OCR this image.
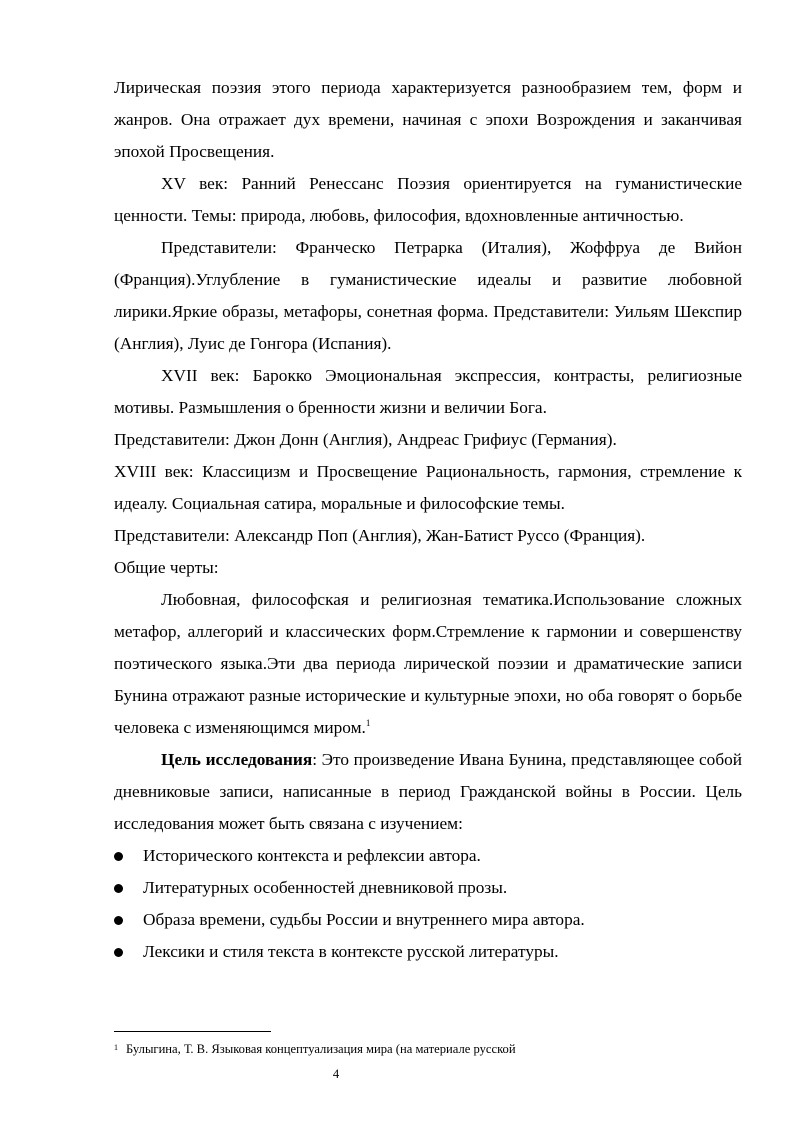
Лирическая поэзия этого периода характеризуется разнообразием тем, форм и жанров. Она отражает дух времени, начиная с эпохи Возрождения и заканчивая эпохой Просвещения.

XV век: Ранний Ренессанс Поэзия ориентируется на гуманистические ценности. Темы: природа, любовь, философия, вдохновленные античностью.

Представители: Франческо Петрарка (Италия), Жоффруа де Вийон (Франция).Углубление в гуманистические идеалы и развитие любовной лирики.Яркие образы, метафоры, сонетная форма. Представители: Уильям Шекспир (Англия), Луис де Гонгора (Испания).

XVII век: Барокко Эмоциональная экспрессия, контрасты, религиозные мотивы. Размышления о бренности жизни и величии Бога.

Представители: Джон Донн (Англия), Андреас Грифиус (Германия).

XVIII век: Классицизм и Просвещение Рациональность, гармония, стремление к идеалу. Социальная сатира, моральные и философские темы.

Представители: Александр Поп (Англия), Жан-Батист Руссо (Франция).

Общие черты:

Любовная, философская и религиозная тематика.Использование сложных метафор, аллегорий и классических форм.Стремление к гармонии и совершенству поэтического языка.Эти два периода лирической поэзии и драматические записи Бунина отражают разные исторические и культурные эпохи, но оба говорят о борьбе человека с изменяющимся миром.$^1$

Цель исследования: Это произведение Ивана Бунина, представляющее собой дневниковые записи, написанные в период Гражданской войны в России. Цель исследования может быть связана с изучением:

Исторического контекста и рефлексии автора.
Литературных особенностей дневниковой прозы.
Образа времени, судьбы России и внутреннего мира автора.
Лексики и стиля текста в контексте русской литературы.
$^1$ Булыгина, Т. В. Языковая концептуализация мира (на материале русской
4
